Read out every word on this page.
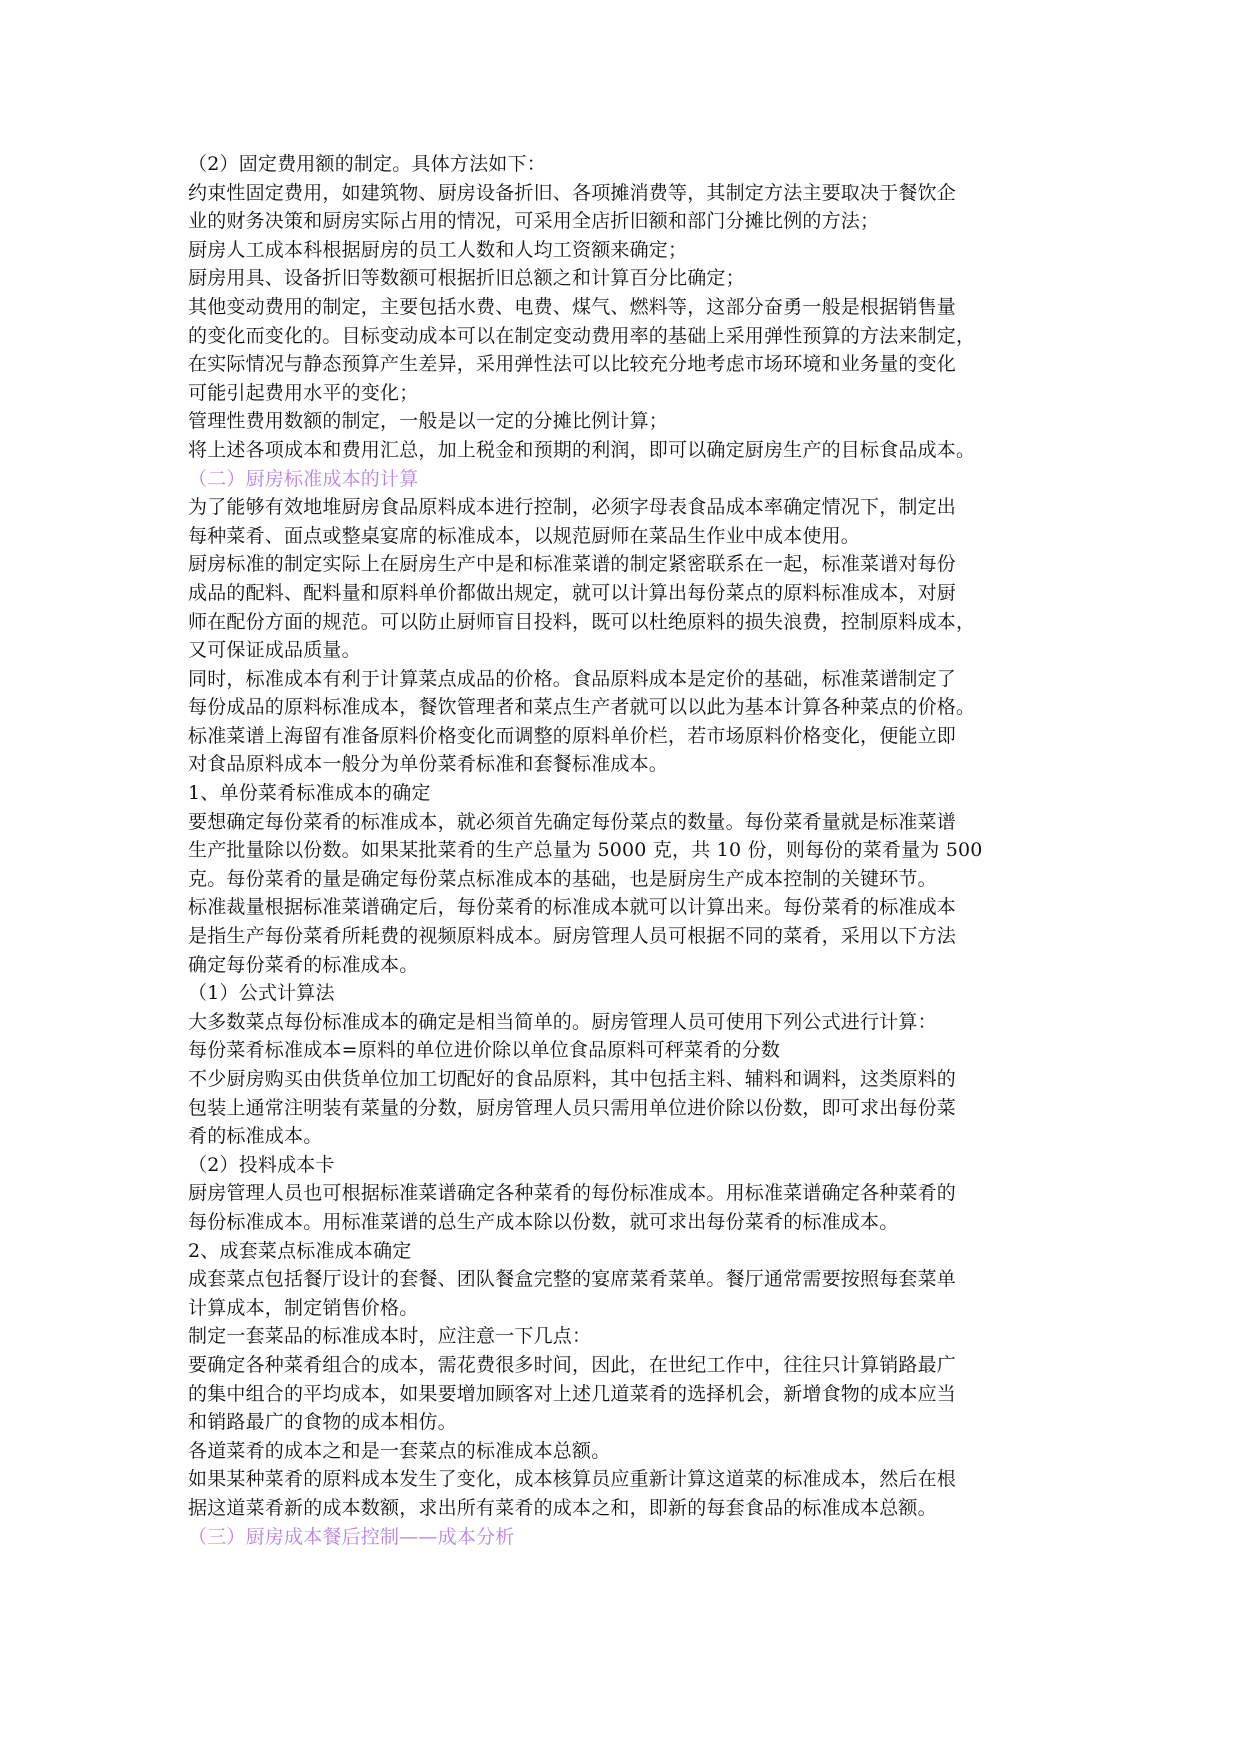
（2）固定费用额的制定。具体方法如下：
约束性固定费用，如建筑物、厨房设备折旧、各项摊消费等，其制定方法主要取决于餐饮企
业的财务决策和厨房实际占用的情况，可采用全店折旧额和部门分摊比例的方法；
厨房人工成本科根据厨房的员工人数和人均工资额来确定；
厨房用具、设备折旧等数额可根据折旧总额之和计算百分比确定；
其他变动费用的制定，主要包括水费、电费、煤气、燃料等，这部分奋勇一般是根据销售量
的变化而变化的。目标变动成本可以在制定变动费用率的基础上采用弹性预算的方法来制定，
在实际情况与静态预算产生差异，采用弹性法可以比较充分地考虑市场环境和业务量的变化
可能引起费用水平的变化；
管理性费用数额的制定，一般是以一定的分摊比例计算；
将上述各项成本和费用汇总，加上税金和预期的利润，即可以确定厨房生产的目标食品成本。
（二）厨房标准成本的计算
为了能够有效地堆厨房食品原料成本进行控制，必须字母表食品成本率确定情况下，制定出
每种菜肴、面点或整桌宴席的标准成本，以规范厨师在菜品生作业中成本使用。
厨房标准的制定实际上在厨房生产中是和标准菜谱的制定紧密联系在一起，标准菜谱对每份
成品的配料、配料量和原料单价都做出规定，就可以计算出每份菜点的原料标准成本，对厨
师在配份方面的规范。可以防止厨师盲目投料，既可以杜绝原料的损失浪费，控制原料成本，
又可保证成品质量。
同时，标准成本有利于计算菜点成品的价格。食品原料成本是定价的基础，标准菜谱制定了
每份成品的原料标准成本，餐饮管理者和菜点生产者就可以以此为基本计算各种菜点的价格。
标准菜谱上海留有准备原料价格变化而调整的原料单价栏，若市场原料价格变化，便能立即
对食品原料成本一般分为单份菜肴标准和套餐标准成本。
1、单份菜肴标准成本的确定
要想确定每份菜肴的标准成本，就必须首先确定每份菜点的数量。每份菜肴量就是标准菜谱
生产批量除以份数。如果某批菜肴的生产总量为 5000 克，共 10 份，则每份的菜肴量为 500
克。每份菜肴的量是确定每份菜点标准成本的基础，也是厨房生产成本控制的关键环节。
标准裁量根据标准菜谱确定后，每份菜肴的标准成本就可以计算出来。每份菜肴的标准成本
是指生产每份菜肴所耗费的视频原料成本。厨房管理人员可根据不同的菜肴，采用以下方法
确定每份菜肴的标准成本。
（1）公式计算法
大多数菜点每份标准成本的确定是相当简单的。厨房管理人员可使用下列公式进行计算：
每份菜肴标准成本=原料的单位进价除以单位食品原料可秤菜肴的分数
不少厨房购买由供货单位加工切配好的食品原料，其中包括主料、辅料和调料，这类原料的
包装上通常注明装有菜量的分数，厨房管理人员只需用单位进价除以份数，即可求出每份菜
肴的标准成本。
（2）投料成本卡
厨房管理人员也可根据标准菜谱确定各种菜肴的每份标准成本。用标准菜谱确定各种菜肴的
每份标准成本。用标准菜谱的总生产成本除以份数，就可求出每份菜肴的标准成本。
2、成套菜点标准成本确定
成套菜点包括餐厅设计的套餐、团队餐盒完整的宴席菜肴菜单。餐厅通常需要按照每套菜单
计算成本，制定销售价格。
制定一套菜品的标准成本时，应注意一下几点：
要确定各种菜肴组合的成本，需花费很多时间，因此，在世纪工作中，往往只计算销路最广
的集中组合的平均成本，如果要增加顾客对上述几道菜肴的选择机会，新增食物的成本应当
和销路最广的食物的成本相仿。
各道菜肴的成本之和是一套菜点的标准成本总额。
如果某种菜肴的原料成本发生了变化，成本核算员应重新计算这道菜的标准成本，然后在根
据这道菜肴新的成本数额，求出所有菜肴的成本之和，即新的每套食品的标准成本总额。
（三）厨房成本餐后控制——成本分析
